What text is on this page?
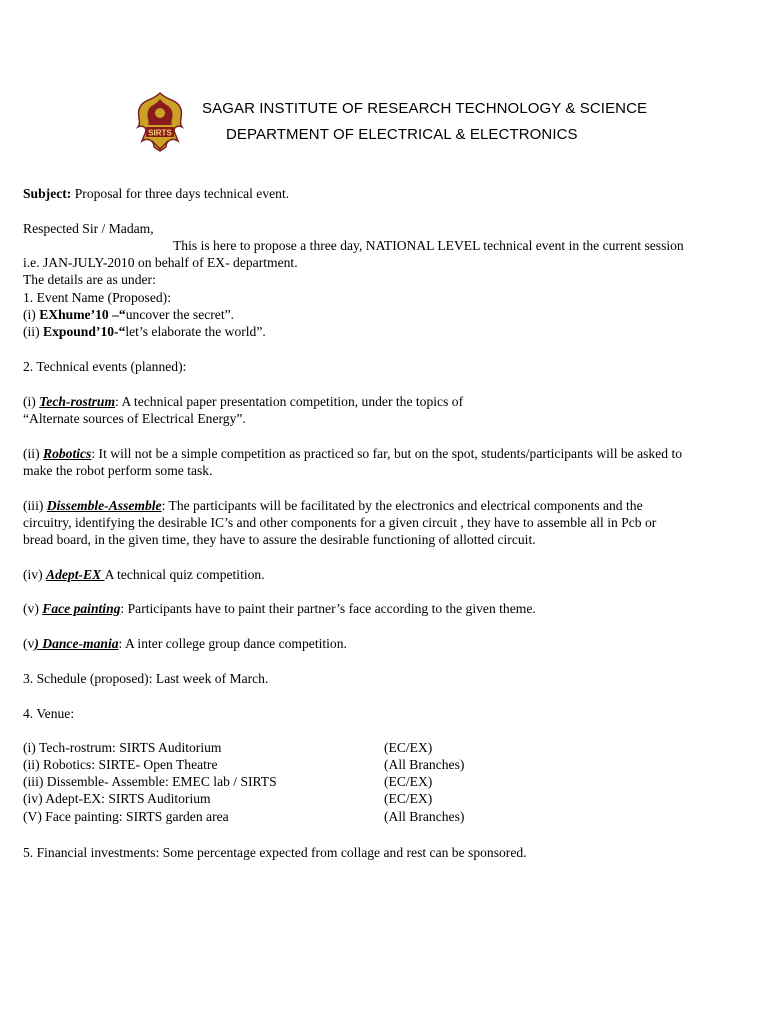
SIRTS
SAGAR INSTITUTE OF RESEARCH TECHNOLOGY & SCIENCE
DEPARTMENT OF ELECTRICAL & ELECTRONICS
Subject: Proposal for three days technical event.
Respected Sir / Madam,
This is here to propose a three day, NATIONAL LEVEL technical event in the current session
i.e. JAN-JULY-2010 on behalf of EX- department.
The details are as under:
1. Event Name (Proposed):
(i) EXhume’10 –“uncover the secret”.
(ii) Expound’10-“let’s elaborate the world”.
2. Technical events (planned):
(i) Tech-rostrum: A technical paper presentation competition, under the topics of
“Alternate sources of Electrical Energy”.
(ii) Robotics: It will not be a simple competition as practiced so far, but on the spot, students/participants will be asked to
make the robot perform some task.
(iii) Dissemble-Assemble: The participants will be facilitated by the electronics and electrical components and the
circuitry, identifying the desirable IC’s and other components for a given circuit , they have to assemble all in Pcb or
bread board, in the given time, they have to assure the desirable functioning of allotted circuit.
(iv) Adept-EX A technical quiz competition.
(v) Face painting: Participants have to paint their partner’s face according to the given theme.
(v) Dance-mania: A inter college group dance competition.
3. Schedule (proposed): Last week of March.
4. Venue:
(i) Tech-rostrum: SIRTS Auditorium	(EC/EX)
(ii) Robotics: SIRTE- Open Theatre	(All Branches)
(iii) Dissemble- Assemble: EMEC lab / SIRTS	(EC/EX)
(iv) Adept-EX: SIRTS Auditorium	(EC/EX)
(V) Face painting: SIRTS garden area	(All Branches)
5. Financial investments: Some percentage expected from collage and rest can be sponsored.
